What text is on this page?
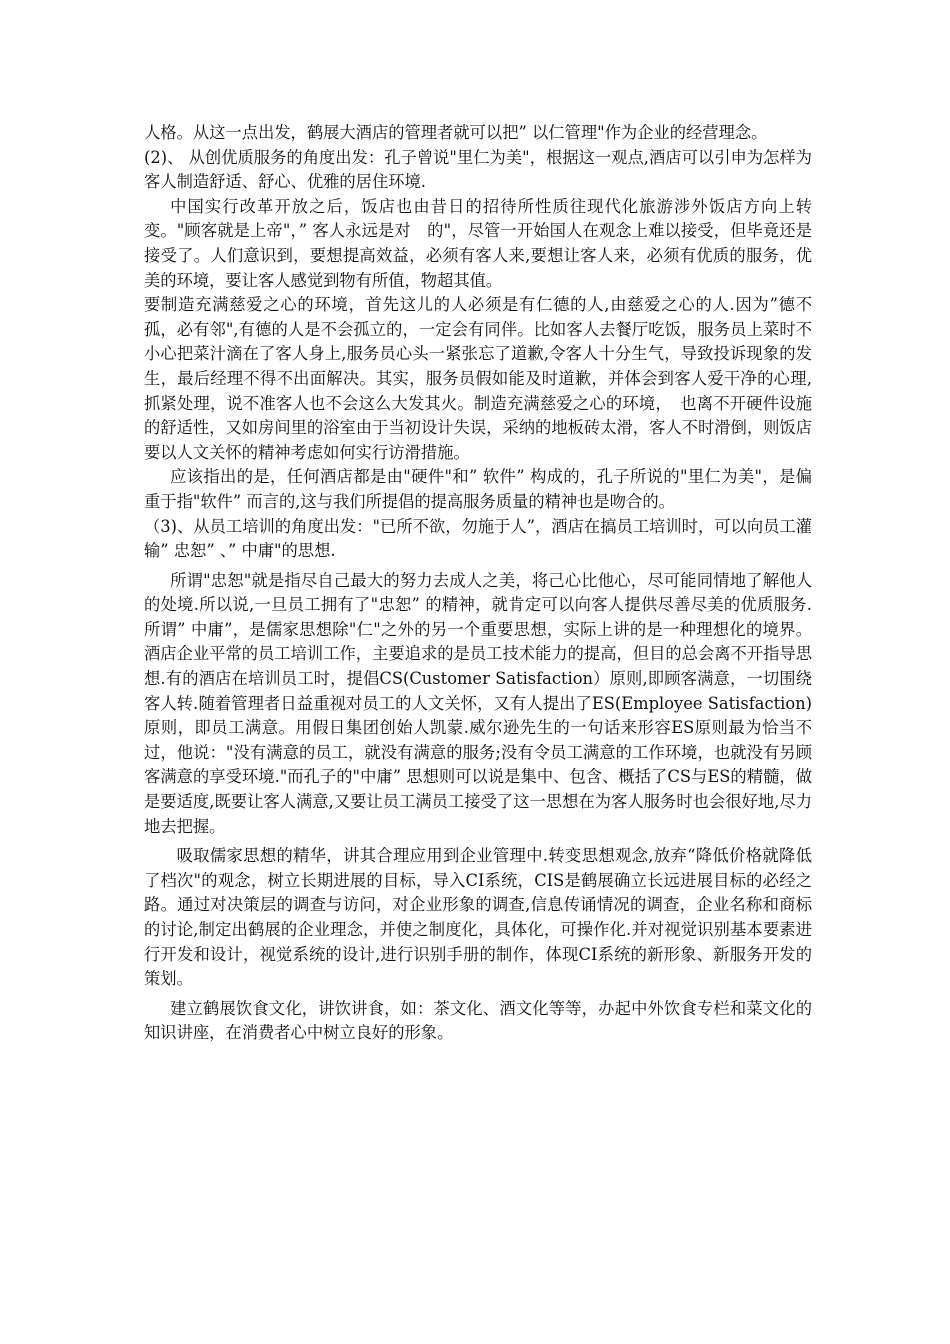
人格。从这一点出发，鹤展大酒店的管理者就可以把” 以仁管理"作为企业的经营理念。

(2)、 从创优质服务的角度出发：孔子曾说"里仁为美"，根据这一观点,酒店可以引申为怎样为客人制造舒适、舒心、优雅的居住环境.

中国实行改革开放之后，饭店也由昔日的招待所性质往现代化旅游涉外饭店方向上转变。"顾客就是上帝"，” 客人永远是对　的"，尽管一开始国人在观念上难以接受，但毕竟还是接受了。人们意识到，要想提高效益，必须有客人来,要想让客人来，必须有优质的服务，优美的环境，要让客人感觉到物有所值，物超其值。

要制造充满慈爱之心的环境，首先这儿的人必须是有仁德的人,由慈爱之心的人.因为”德不孤，必有邻",有德的人是不会孤立的，一定会有同伴。比如客人去餐厅吃饭，服务员上菜时不小心把菜汁滴在了客人身上,服务员心头一紧张忘了道歉,令客人十分生气，导致投诉现象的发生，最后经理不得不出面解决。其实，服务员假如能及时道歉，并体会到客人爱干净的心理,抓紧处理，说不准客人也不会这么大发其火。制造充满慈爱之心的环境，　也离不开硬件设施的舒适性，又如房间里的浴室由于当初设计失误，采纳的地板砖太滑，客人不时滑倒，则饭店要以人文关怀的精神考虑如何实行访滑措施。

应该指出的是，任何酒店都是由"硬件"和” 软件” 构成的，孔子所说的"里仁为美"，是偏重于指"软件” 而言的,这与我们所提倡的提高服务质量的精神也是吻合的。

（3)、从员工培训的角度出发："已所不欲，勿施于人”，酒店在搞员工培训时，可以向员工灌输” 忠恕” 、” 中庸"的思想.

所谓"忠恕"就是指尽自己最大的努力去成人之美，将己心比他心，尽可能同情地了解他人的处境.所以说,一旦员工拥有了"忠恕” 的精神，就肯定可以向客人提供尽善尽美的优质服务.所谓” 中庸”，是儒家思想除"仁"之外的另一个重要思想，实际上讲的是一种理想化的境界。酒店企业平常的员工培训工作，主要追求的是员工技术能力的提高，但目的总会离不开指导思想.有的酒店在培训员工时，提倡CS(Customer Satisfaction）原则,即顾客满意，一切围绕客人转.随着管理者日益重视对员工的人文关怀，又有人提出了ES(Employee Satisfaction)原则，即员工满意。用假日集团创始人凯蒙.威尔逊先生的一句话来形容ES原则最为恰当不过，他说："没有满意的员工，就没有满意的服务;没有令员工满意的工作环境，也就没有另顾客满意的享受环境."而孔子的"中庸” 思想则可以说是集中、包含、概括了CS与ES的精髓，做是要适度,既要让客人满意,又要让员工满员工接受了这一思想在为客人服务时也会很好地,尽力地去把握。

吸取儒家思想的精华，讲其合理应用到企业管理中.转变思想观念,放弃“降低价格就降低了档次"的观念，树立长期进展的目标，导入CI系统，CIS是鹤展确立长远进展目标的必经之路。通过对决策层的调查与访问，对企业形象的调查,信息传诵情况的调查，企业名称和商标的讨论,制定出鹤展的企业理念，并使之制度化，具体化，可操作化.并对视觉识别基本要素进行开发和设计，视觉系统的设计,进行识别手册的制作，体现CI系统的新形象、新服务开发的策划。

建立鹤展饮食文化，讲饮讲食，如：茶文化、酒文化等等，办起中外饮食专栏和菜文化的知识讲座，在消费者心中树立良好的形象。
